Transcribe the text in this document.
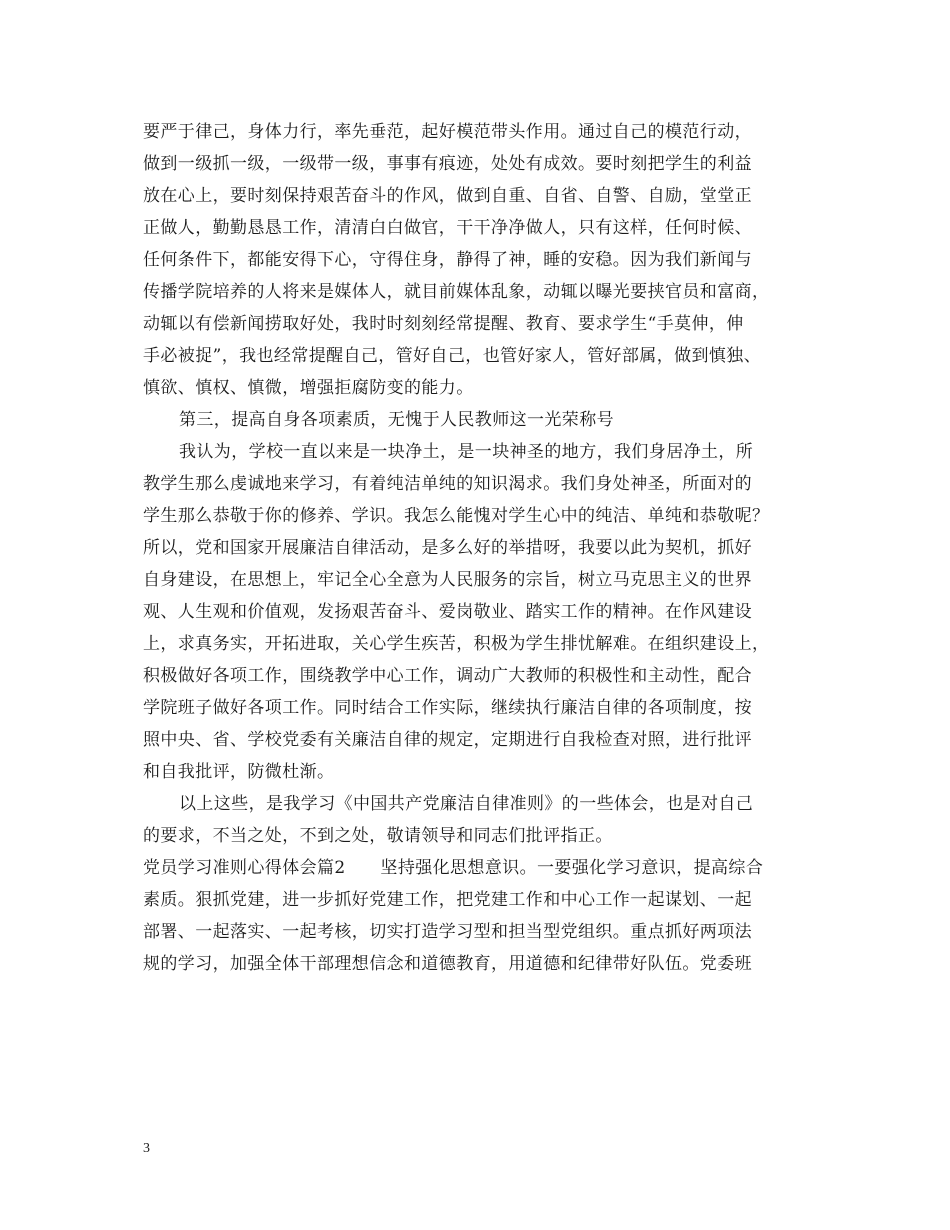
要严于律己，身体力行，率先垂范，起好模范带头作用。通过自己的模范行动，
做到一级抓一级，一级带一级，事事有痕迹，处处有成效。要时刻把学生的利益
放在心上，要时刻保持艰苦奋斗的作风，做到自重、自省、自警、自励，堂堂正
正做人，勤勤恳恳工作，清清白白做官，干干净净做人，只有这样，任何时候、
任何条件下，都能安得下心，守得住身，静得了神，睡的安稳。因为我们新闻与
传播学院培养的人将来是媒体人，就目前媒体乱象，动辄以曝光要挟官员和富商，
动辄以有偿新闻捞取好处，我时时刻刻经常提醒、教育、要求学生“手莫伸，伸
手必被捉”，我也经常提醒自己，管好自己，也管好家人，管好部属，做到慎独、
慎欲、慎权、慎微，增强拒腐防变的能力。
第三，提高自身各项素质，无愧于人民教师这一光荣称号
我认为，学校一直以来是一块净土，是一块神圣的地方，我们身居净土，所
教学生那么虔诚地来学习，有着纯洁单纯的知识渴求。我们身处神圣，所面对的
学生那么恭敬于你的修养、学识。我怎么能愧对学生心中的纯洁、单纯和恭敬呢？
所以，党和国家开展廉洁自律活动，是多么好的举措呀，我要以此为契机，抓好
自身建设，在思想上，牢记全心全意为人民服务的宗旨，树立马克思主义的世界
观、人生观和价值观，发扬艰苦奋斗、爱岗敬业、踏实工作的精神。在作风建设
上，求真务实，开拓进取，关心学生疾苦，积极为学生排忧解难。在组织建设上，
积极做好各项工作，围绕教学中心工作，调动广大教师的积极性和主动性，配合
学院班子做好各项工作。同时结合工作实际，继续执行廉洁自律的各项制度，按
照中央、省、学校党委有关廉洁自律的规定，定期进行自我检查对照，进行批评
和自我批评，防微杜渐。
以上这些，是我学习《中国共产党廉洁自律准则》的一些体会，也是对自己
的要求，不当之处，不到之处，敬请领导和同志们批评指正。
党员学习准则心得体会篇2　　坚持强化思想意识。一要强化学习意识，提高综合
素质。狠抓党建，进一步抓好党建工作，把党建工作和中心工作一起谋划、一起
部署、一起落实、一起考核，切实打造学习型和担当型党组织。重点抓好两项法
规的学习，加强全体干部理想信念和道德教育，用道德和纪律带好队伍。党委班
3
